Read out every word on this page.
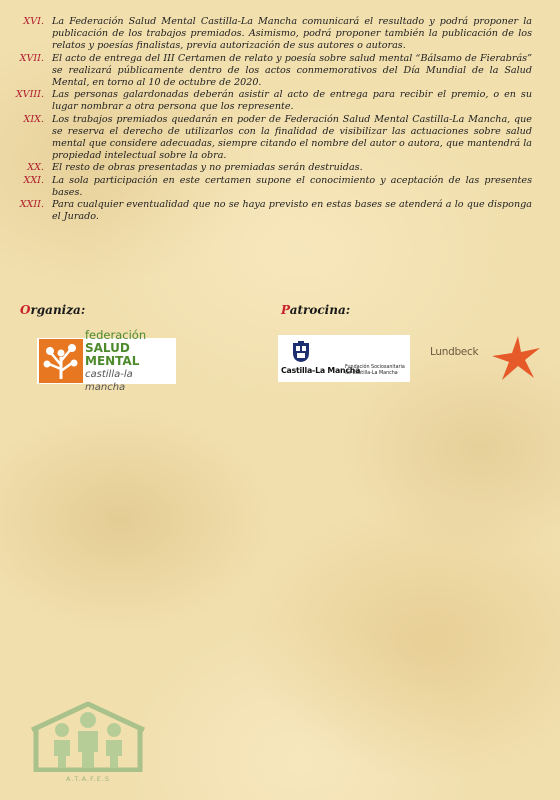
XVI. La Federación Salud Mental Castilla-La Mancha comunicará el resultado y podrá proponer la publicación de los trabajos premiados. Asimismo, podrá proponer también la publicación de los relatos y poesías finalistas, previa autorización de sus autores o autoras.
XVII. El acto de entrega del III Certamen de relato y poesía sobre salud mental “Bálsamo de Fierabrás” se realizará públicamente dentro de los actos conmemorativos del Día Mundial de la Salud Mental, en torno al 10 de octubre de 2020.
XVIII. Las personas galardonadas deberán asistir al acto de entrega para recibir el premio, o en su lugar nombrar a otra persona que los represente.
XIX. Los trabajos premiados quedarán en poder de Federación Salud Mental Castilla-La Mancha, que se reserva el derecho de utilizarlos con la finalidad de visibilizar las actuaciones sobre salud mental que considere adecuadas, siempre citando el nombre del autor o autora, que mantendrá la propiedad intelectual sobre la obra.
XX. El resto de obras presentadas y no premiadas serán destruidas.
XXI. La sola participación en este certamen supone el conocimiento y aceptación de las presentes bases.
XXII. Para cualquier eventualidad que no se haya previsto en estas bases se atenderá a lo que disponga el Jurado.
Organiza:	Patrocina:
federación
SALUD MENTAL
castilla-la mancha
Castilla-La Mancha
Fundación Sociosanitaria
de Castilla-La Mancha
Lundbeck
A.T.A.F.E.S
